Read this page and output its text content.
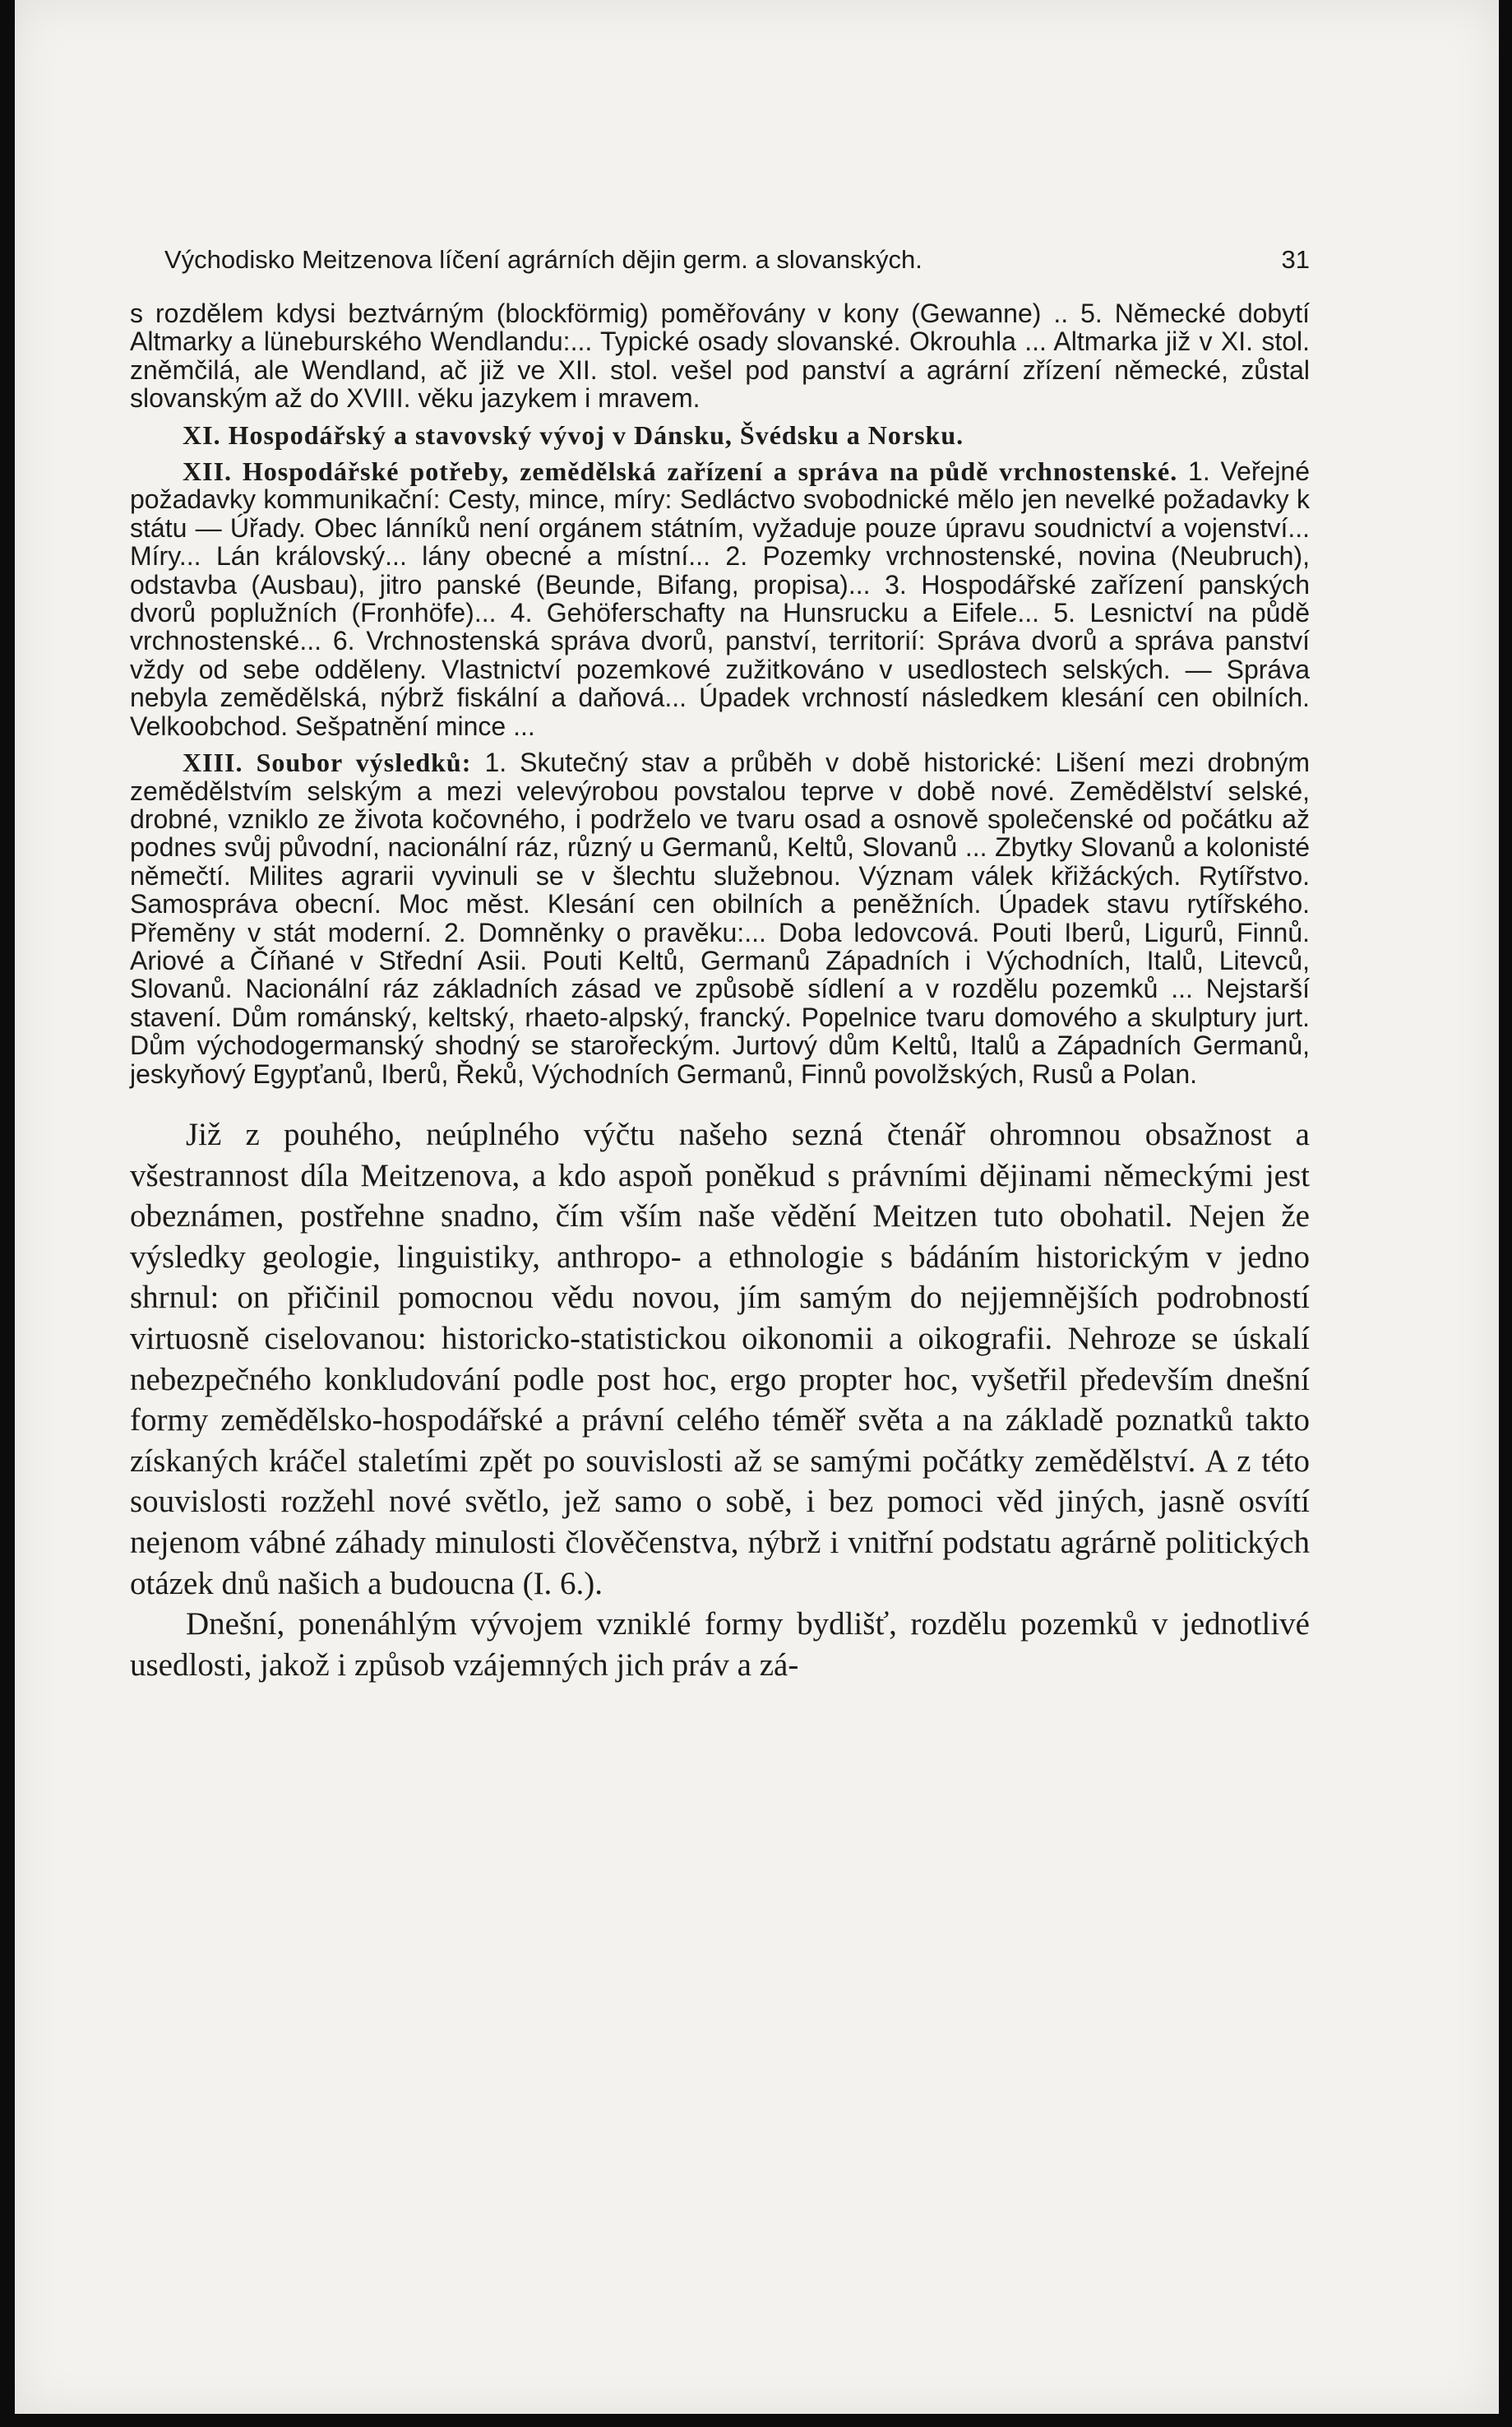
Východisko Meitzenova líčení agrárních dějin germ. a slovanských.	31

s rozdělem kdysi beztvárným (blockförmig) poměřovány v kony (Gewanne) .. 5. Německé dobytí Altmarky a lüneburského Wendlandu:... Typické osady slovanské. Okrouhla ... Altmarka již v XI. stol. zněmčilá, ale Wendland, ač již ve XII. stol. vešel pod panství a agrární zřízení německé, zůstal slovanským až do XVIII. věku jazykem i mravem.

XI. Hospodářský a stavovský vývoj v Dánsku, Švédsku a Norsku.

XII. Hospodářské potřeby, zemědělská zařízení a správa na půdě vrchnostenské. 1. Veřejné požadavky kommunikační: Cesty, mince, míry: Sedláctvo svobodnické mělo jen nevelké požadavky k státu — Úřady. Obec lánníků není orgánem státním, vyžaduje pouze úpravu soudnictví a vojenství... Míry... Lán královský... lány obecné a místní... 2. Pozemky vrchnostenské, novina (Neubruch), odstavba (Ausbau), jitro panské (Beunde, Bifang, propisa)... 3. Hospodářské zařízení panských dvorů poplužních (Fronhöfe)... 4. Gehöferschafty na Hunsrucku a Eifele... 5. Lesnictví na půdě vrchnostenské... 6. Vrchnostenská správa dvorů, panství, territorií: Správa dvorů a správa panství vždy od sebe odděleny. Vlastnictví pozemkové zužitkováno v usedlostech selských. — Správa nebyla zemědělská, nýbrž fiskální a daňová... Úpadek vrchností následkem klesání cen obilních. Velkoobchod. Sešpatnění mince ...

XIII. Soubor výsledků: 1. Skutečný stav a průběh v době historické: Lišení mezi drobným zemědělstvím selským a mezi velevýrobou povstalou teprve v době nové. Zemědělství selské, drobné, vzniklo ze života kočovného, i podrželo ve tvaru osad a osnově společenské od počátku až podnes svůj původní, nacionální ráz, různý u Germanů, Keltů, Slovanů ... Zbytky Slovanů a kolonisté němečtí. Milites agrarii vyvinuli se v šlechtu služebnou. Význam válek křižáckých. Rytířstvo. Samospráva obecní. Moc měst. Klesání cen obilních a peněžních. Úpadek stavu rytířského. Přeměny v stát moderní. 2. Domněnky o pravěku:... Doba ledovcová. Pouti Iberů, Ligurů, Finnů. Ariové a Číňané v Střední Asii. Pouti Keltů, Germanů Západních i Východních, Italů, Litevců, Slovanů. Nacionální ráz základních zásad ve způsobě sídlení a v rozdělu pozemků ... Nejstarší stavení. Dům románský, keltský, rhaeto-alpský, francký. Popelnice tvaru domového a skulptury jurt. Dům východogermanský shodný se starořeckým. Jurtový dům Keltů, Italů a Západních Germanů, jeskyňový Egypťanů, Iberů, Řeků, Východních Germanů, Finnů povolžských, Rusů a Polan.

Již z pouhého, neúplného výčtu našeho sezná čtenář ohromnou obsažnost a všestrannost díla Meitzenova, a kdo aspoň poněkud s právními dějinami německými jest obeznámen, postřehne snadno, čím vším naše vědění Meitzen tuto obohatil. Nejen že výsledky geologie, linguistiky, anthropo- a ethnologie s bádáním historickým v jedno shrnul: on přičinil pomocnou vědu novou, jím samým do nejjemnějších podrobností virtuosně ciselovanou: historicko-statistickou oikonomii a oikografii. Nehroze se úskalí nebezpečného konkludování podle post hoc, ergo propter hoc, vyšetřil především dnešní formy zemědělsko-hospodářské a právní celého téměř světa a na základě poznatků takto získaných kráčel staletími zpět po souvislosti až se samými počátky zemědělství. A z této souvislosti rozžehl nové světlo, jež samo o sobě, i bez pomoci věd jiných, jasně osvítí nejenom vábné záhady minulosti člověčenstva, nýbrž i vnitřní podstatu agrárně politických otázek dnů našich a budoucna (I. 6.).

Dnešní, ponenáhlým vývojem vzniklé formy bydlišť, rozdělu pozemků v jednotlivé usedlosti, jakož i způsob vzájemných jich práv a zá-
